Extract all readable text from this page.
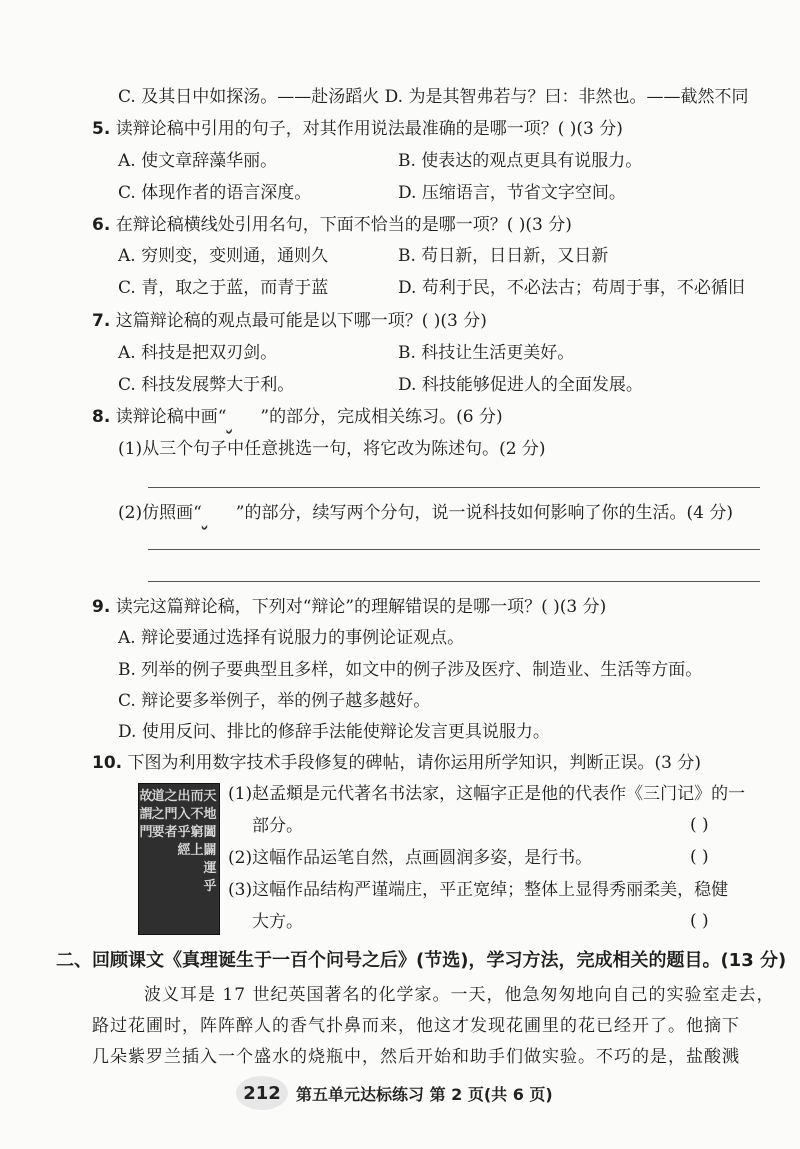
C. 及其日中如探汤。——赴汤蹈火 D. 为是其智弗若与？曰：非然也。——截然不同
5. 读辩论稿中引用的句子，对其作用说法最准确的是哪一项？( )(3 分)
A. 使文章辞藻华丽。	B. 使表达的观点更具有说服力。
C. 体现作者的语言深度。	D. 压缩语言，节省文字空间。
6. 在辩论稿横线处引用名句，下面不恰当的是哪一项？( )(3 分)
A. 穷则变，变则通，通则久	B. 苟日新，日日新，又日新
C. 青，取之于蓝，而青于蓝	D. 苟利于民，不必法古；苟周于事，不必循旧
7. 这篇辩论稿的观点最可能是以下哪一项？( )(3 分)
A. 科技是把双刃剑。	B. 科技让生活更美好。
C. 科技发展弊大于利。	D. 科技能够促进人的全面发展。
8. 读辩论稿中画“ ”的部分，完成相关练习。(6 分)
(1)从三个句子中任意挑选一句，将它改为陈述句。(2 分)
(2)仿照画“ ”的部分，续写两个分句，说一说科技如何影响了你的生活。(4 分)
9. 读完这篇辩论稿，下列对“辩论”的理解错误的是哪一项？( )(3 分)
A. 辩论要通过选择有说服力的事例论证观点。
B. 列举的例子要典型且多样，如文中的例子涉及医疗、制造业、生活等方面。
C. 辩论要多举例子，举的例子越多越好。
D. 使用反问、排比的修辞手法能使辩论发言更具说服力。
10. 下图为利用数字技术手段修复的碑帖，请你运用所学知识，判断正误。(3 分)
天地闔闢運乎
而不窮上
出入乎經
之門者
道之要
故謂門
(1)赵孟頫是元代著名书法家，这幅字正是他的代表作《三门记》的一
部分。	( )
(2)这幅作品运笔自然，点画圆润多姿，是行书。	( )
(3)这幅作品结构严谨端庄，平正宽绰；整体上显得秀丽柔美，稳健
大方。	( )
二、回顾课文《真理诞生于一百个问号之后》(节选)，学习方法，完成相关的题目。(13 分)
波义耳是 17 世纪英国著名的化学家。一天，他急匆匆地向自己的实验室走去，
路过花圃时，阵阵醉人的香气扑鼻而来，他这才发现花圃里的花已经开了。他摘下
几朵紫罗兰插入一个盛水的烧瓶中，然后开始和助手们做实验。不巧的是，盐酸溅
212 第五单元达标练习 第 2 页(共 6 页)
